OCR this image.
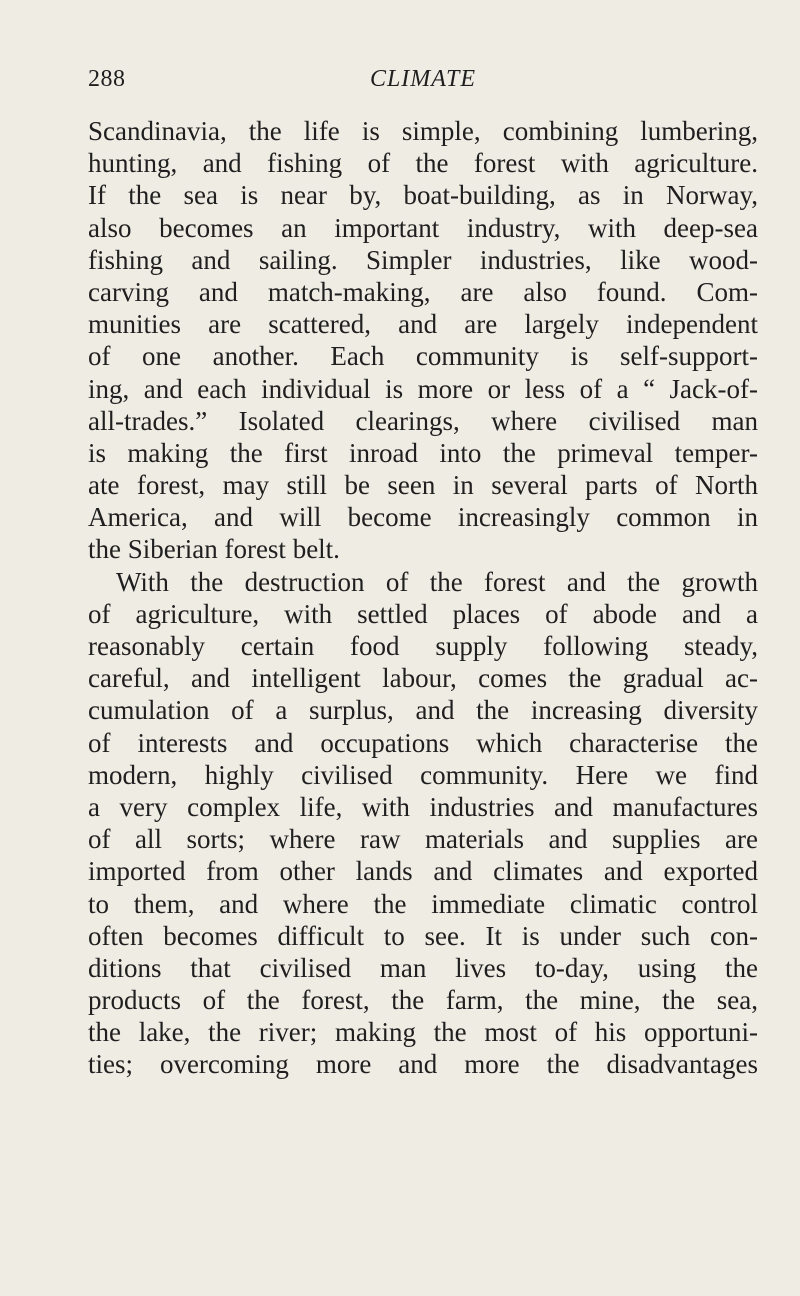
288	CLIMATE
Scandinavia, the life is simple, combining lumbering,
hunting, and fishing of the forest with agriculture.
If the sea is near by, boat-building, as in Norway,
also becomes an important industry, with deep-sea
fishing and sailing. Simpler industries, like wood-
carving and match-making, are also found. Com-
munities are scattered, and are largely independent
of one another. Each community is self-support-
ing, and each individual is more or less of a “ Jack-of-
all-trades.” Isolated clearings, where civilised man
is making the first inroad into the primeval temper-
ate forest, may still be seen in several parts of North
America, and will become increasingly common in
the Siberian forest belt.
With the destruction of the forest and the growth
of agriculture, with settled places of abode and a
reasonably certain food supply following steady,
careful, and intelligent labour, comes the gradual ac-
cumulation of a surplus, and the increasing diversity
of interests and occupations which characterise the
modern, highly civilised community. Here we find
a very complex life, with industries and manufactures
of all sorts; where raw materials and supplies are
imported from other lands and climates and exported
to them, and where the immediate climatic control
often becomes difficult to see. It is under such con-
ditions that civilised man lives to-day, using the
products of the forest, the farm, the mine, the sea,
the lake, the river; making the most of his opportuni-
ties; overcoming more and more the disadvantages
